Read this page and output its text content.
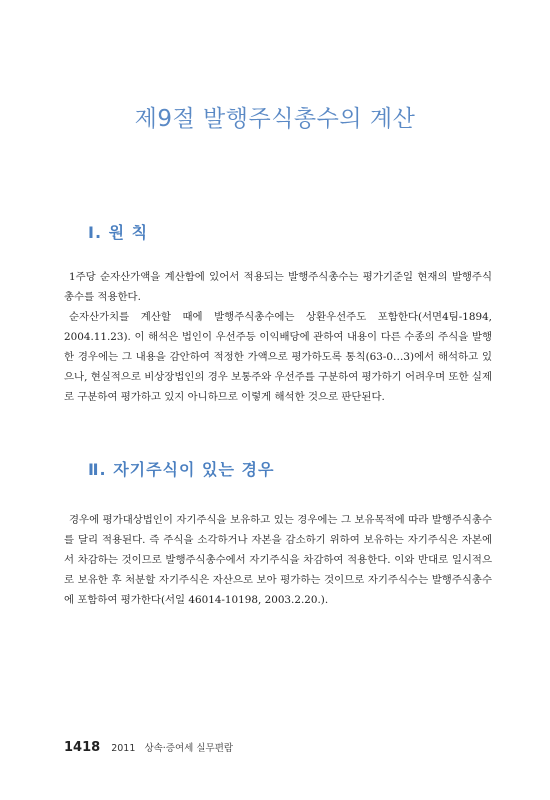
제9절 발행주식총수의 계산
Ⅰ. 원 칙

1주당 순자산가액을 계산함에 있어서 적용되는 발행주식총수는 평가기준일 현재의 발행주식총수를 적용한다.

순자산가치를 계산할 때에 발행주식총수에는 상환우선주도 포함한다(서면4팀-1894, 2004.11.23). 이 해석은 법인이 우선주등 이익배당에 관하여 내용이 다른 수종의 주식을 발행한 경우에는 그 내용을 감안하여 적정한 가액으로 평가하도록 통칙(63-0…3)에서 해석하고 있으나, 현실적으로 비상장법인의 경우 보통주와 우선주를 구분하여 평가하기 어려우며 또한 실제로 구분하여 평가하고 있지 아니하므로 이렇게 해석한 것으로 판단된다.

Ⅱ. 자기주식이 있는 경우

경우에 평가대상법인이 자기주식을 보유하고 있는 경우에는 그 보유목적에 따라 발행주식총수를 달리 적용된다. 즉 주식을 소각하거나 자본을 감소하기 위하여 보유하는 자기주식은 자본에서 차감하는 것이므로 발행주식총수에서 자기주식을 차감하여 적용한다. 이와 반대로 일시적으로 보유한 후 처분할 자기주식은 자산으로 보아 평가하는 것이므로 자기주식수는 발행주식총수에 포함하여 평가한다(서일 46014-10198, 2003.2.20.).

1418 2011 상속·증여세 실무편람
